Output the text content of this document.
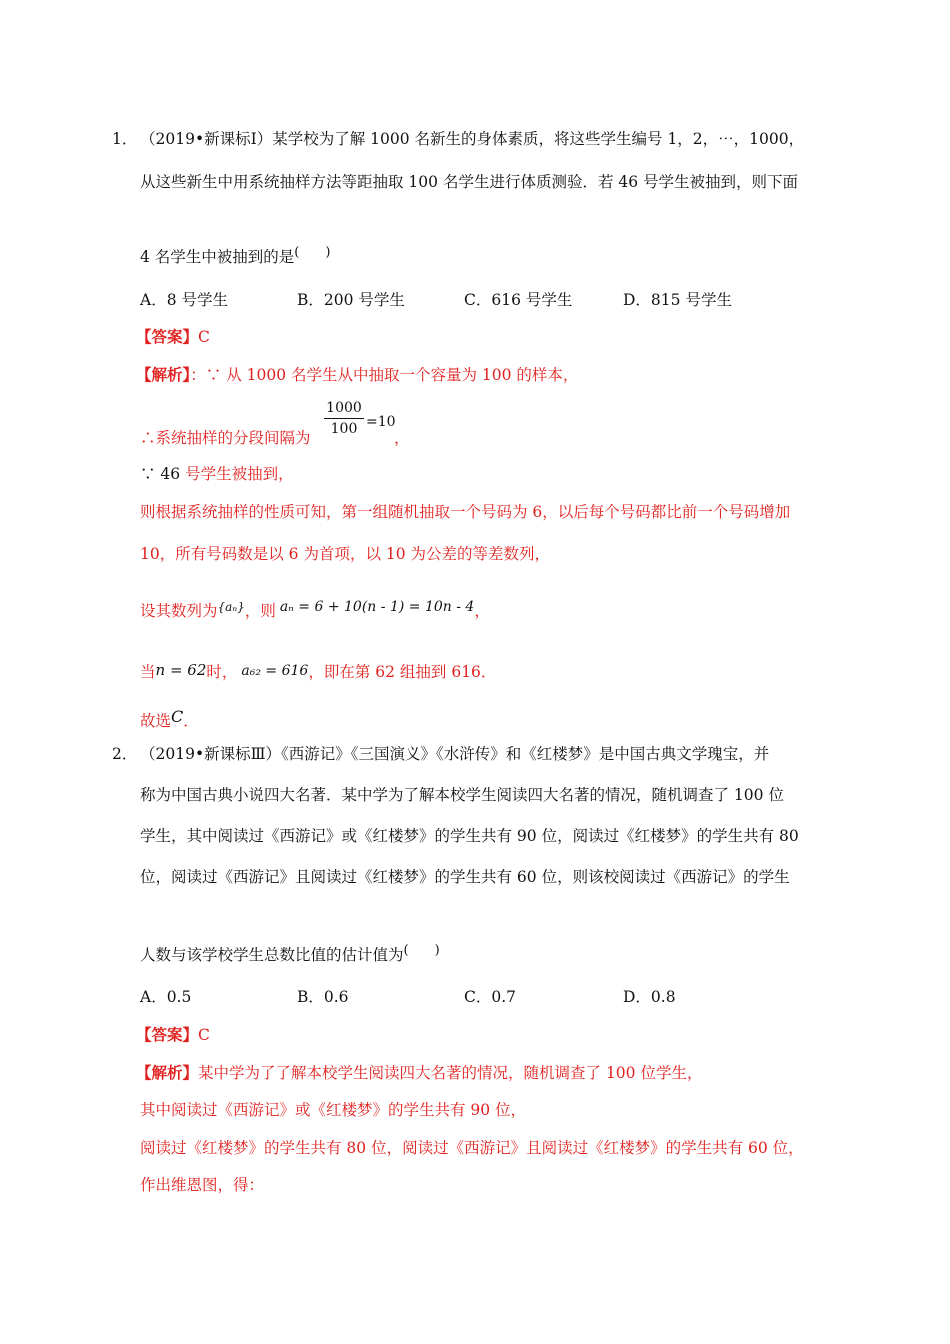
1． （2019•新课标Ⅰ）某学校为了解 1000 名新生的身体素质，将这些学生编号 1，2，⋯，1000，
从这些新生中用系统抽样方法等距抽取 100 名学生进行体质测验．若 46 号学生被抽到，则下面
4 名学生中被抽到的是(　　)
A．8 号学生	B．200 号学生	C．616 号学生	D．815 号学生
【答案】C
【解析】：∵ 从 1000 名学生从中抽取一个容量为 100 的样本，
∴系统抽样的分段间隔为
1000
100 =10
，
∵ 46 号学生被抽到，
则根据系统抽样的性质可知，第一组随机抽取一个号码为 6，以后每个号码都比前一个号码增加
10，所有号码数是以 6 为首项，以 10 为公差的等差数列，
设其数列为$^{\{a_n\}}$，则 aₙ = 6 + 10(n - 1) = 10n - 4，
当n = 62时， a₆₂ = 616，即在第 62 组抽到 616．
故选C．
2． （2019•新课标Ⅲ）《西游记》《三国演义》《水浒传》和《红楼梦》是中国古典文学瑰宝，并
称为中国古典小说四大名著．某中学为了解本校学生阅读四大名著的情况，随机调查了 100 位
学生，其中阅读过《西游记》或《红楼梦》的学生共有 90 位，阅读过《红楼梦》的学生共有 80
位，阅读过《西游记》且阅读过《红楼梦》的学生共有 60 位，则该校阅读过《西游记》的学生
人数与该学校学生总数比值的估计值为(　　)
A．0.5	B．0.6	C．0.7	D．0.8
【答案】C
【解析】某中学为了了解本校学生阅读四大名著的情况，随机调查了 100 位学生，
其中阅读过《西游记》或《红楼梦》的学生共有 90 位，
阅读过《红楼梦》的学生共有 80 位，阅读过《西游记》且阅读过《红楼梦》的学生共有 60 位，
作出维恩图，得：
